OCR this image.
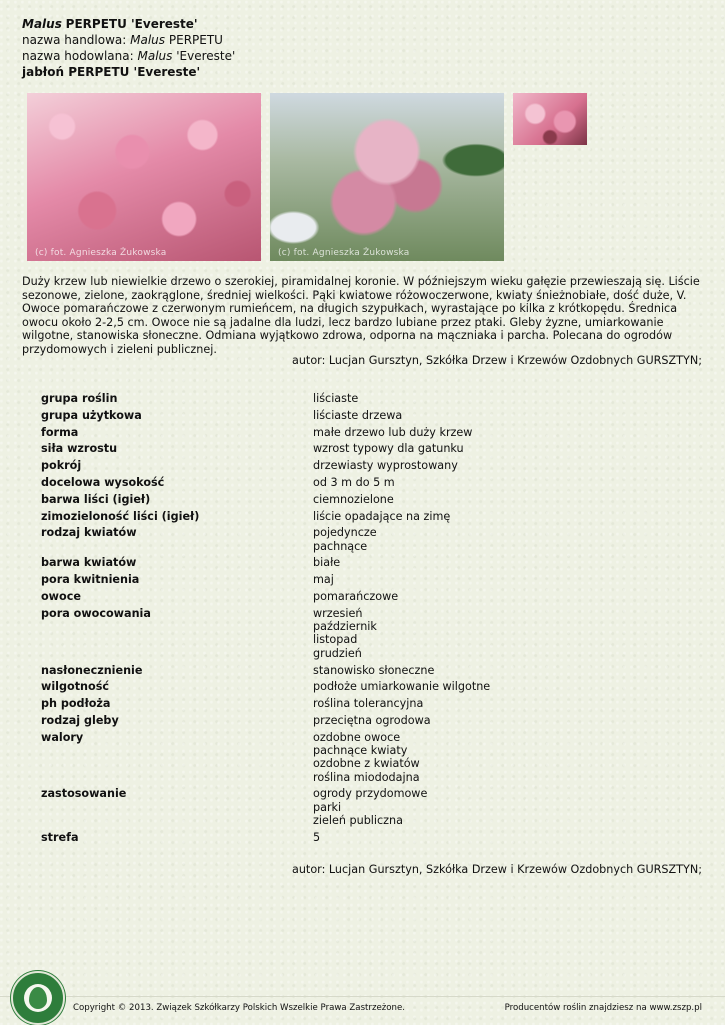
Malus PERPETU 'Evereste'
nazwa handlowa: Malus PERPETU
nazwa hodowlana: Malus 'Evereste'
jabłoń PERPETU 'Evereste'
(c) fot. Agnieszka Żukowska	(c) fot. Agnieszka Żukowska
Duży krzew lub niewielkie drzewo o szerokiej, piramidalnej koronie. W późniejszym wieku gałęzie przewieszają się. Liście sezonowe, zielone, zaokrąglone, średniej wielkości. Pąki kwiatowe różowoczerwone, kwiaty śnieżnobiałe, dość duże, V. Owoce pomarańczowe z czerwonym rumieńcem, na długich szypułkach, wyrastające po kilka z krótkopędu. Średnica owocu około 2-2,5 cm. Owoce nie są jadalne dla ludzi, lecz bardzo lubiane przez ptaki. Gleby żyzne, umiarkowanie wilgotne, stanowiska słoneczne. Odmiana wyjątkowo zdrowa, odporna na mączniaka i parcha. Polecana do ogrodów przydomowych i zieleni publicznej.
autor: Lucjan Gursztyn, Szkółka Drzew i Krzewów Ozdobnych GURSZTYN;
grupa roślin	liściaste
grupa użytkowa	liściaste drzewa
forma	małe drzewo lub duży krzew
siła wzrostu	wzrost typowy dla gatunku
pokrój	drzewiasty wyprostowany
docelowa wysokość	od 3 m do 5 m
barwa liści (igieł)	ciemnozielone
zimozieloność liści (igieł)	liście opadające na zimę
rodzaj kwiatów	pojedyncze
pachnące
barwa kwiatów	białe
pora kwitnienia	maj
owoce	pomarańczowe
pora owocowania	wrzesień
październik
listopad
grudzień
nasłonecznienie	stanowisko słoneczne
wilgotność	podłoże umiarkowanie wilgotne
ph podłoża	roślina tolerancyjna
rodzaj gleby	przeciętna ogrodowa
walory	ozdobne owoce
pachnące kwiaty
ozdobne z kwiatów
roślina miododajna
zastosowanie	ogrody przydomowe
parki
zieleń publiczna
strefa	5
autor: Lucjan Gursztyn, Szkółka Drzew i Krzewów Ozdobnych GURSZTYN;
Copyright © 2013. Związek Szkółkarzy Polskich Wszelkie Prawa Zastrzeżone.	Producentów roślin znajdziesz na www.zszp.pl
